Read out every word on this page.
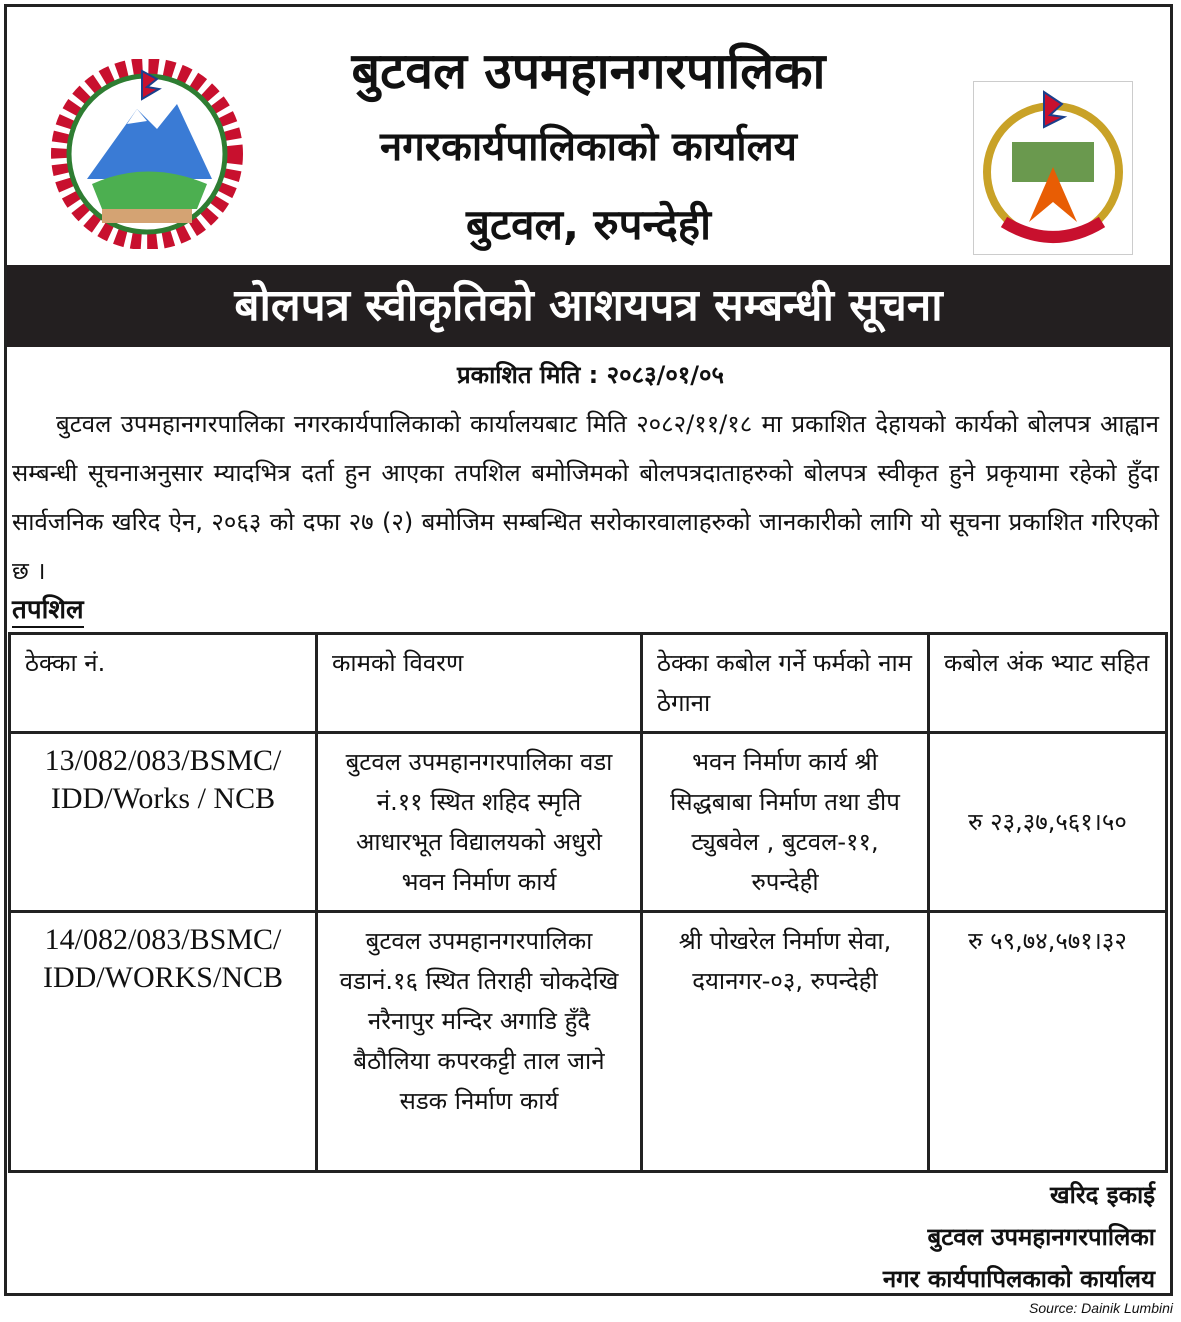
बुटवल उपमहानगरपालिका
नगरकार्यपालिकाको कार्यालय
बुटवल, रुपन्देही
बोलपत्र स्वीकृतिको आशयपत्र सम्बन्धी सूचना
प्रकाशित मिति : २०८३/०१/०५
बुटवल उपमहानगरपालिका नगरकार्यपालिकाको कार्यालयबाट मिति २०८२/११/१८ मा प्रकाशित देहायको कार्यको बोलपत्र आह्वान सम्बन्धी सूचनाअनुसार म्यादभित्र दर्ता हुन आएका तपशिल बमोजिमको बोलपत्रदाताहरुको बोलपत्र स्वीकृत हुने प्रकृयामा रहेको हुँदा सार्वजनिक खरिद ऐन, २०६३ को दफा २७ (२) बमोजिम सम्बन्धित सरोकारवालाहरुको जानकारीको लागि यो सूचना प्रकाशित गरिएको छ ।
तपशिल
ठेक्का नं.	कामको विवरण	ठेक्का कबोल गर्ने फर्मको नाम ठेगाना	कबोल अंक भ्याट सहित
13/082/083/BSMC/ IDD/Works / NCB	बुटवल उपमहानगरपालिका वडा नं.११ स्थित शहिद स्मृति आधारभूत विद्यालयको अधुरो भवन निर्माण कार्य	भवन निर्माण कार्य श्री सिद्धबाबा निर्माण तथा डीप ट्युबवेल , बुटवल-११, रुपन्देही	रु २३,३७,५६१।५०
14/082/083/BSMC/ IDD/WORKS/NCB	बुटवल उपमहानगरपालिका वडानं.१६ स्थित तिराही चोकदेखि नरैनापुर मन्दिर अगाडि हुँदै बैठौलिया कपरकट्टी ताल जाने सडक निर्माण कार्य	श्री पोखरेल निर्माण सेवा, दयानगर-०३, रुपन्देही	रु ५९,७४,५७१।३२
खरिद इकाई
बुटवल उपमहानगरपालिका
नगर कार्यपापिलकाको कार्यालय
Source: Dainik Lumbini
